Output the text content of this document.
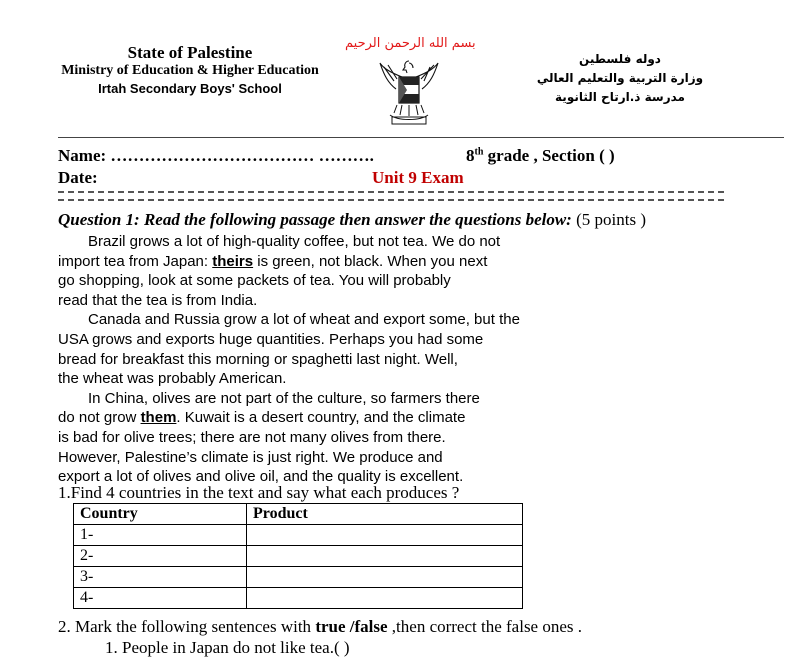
بسم الله الرحمن الرحيم
State of Palestine
Ministry of Education & Higher Education
Irtah Secondary Boys' School
دوله فلسطين
وزارة التربية والتعليم العالي
مدرسة ذ.ارتاح الثانوية
Name: ……………………………… ……….	8th grade , Section ( )
Date:	Unit 9 Exam
Question 1: Read the following passage then answer the questions below: (5 points )
Brazil grows a lot of high-quality coffee, but not tea. We do not
import tea from Japan: theirs is green, not black. When you next
go shopping, look at some packets of tea. You will probably
read that the tea is from India.
Canada and Russia grow a lot of wheat and export some, but the
USA grows and exports huge quantities. Perhaps you had some
bread for breakfast this morning or spaghetti last night. Well,
the wheat was probably American.
In China, olives are not part of the culture, so farmers there
do not grow them. Kuwait is a desert country, and the climate
is bad for olive trees; there are not many olives from there.
However, Palestine’s climate is just right. We produce and
export a lot of olives and olive oil, and the quality is excellent.
1.Find 4 countries in the text and say what each produces ?
Country	Product
1-	
2-	
3-	
4-	
2. Mark the following sentences with true /false ,then correct the false ones .
1. People in Japan do not like tea.( )
